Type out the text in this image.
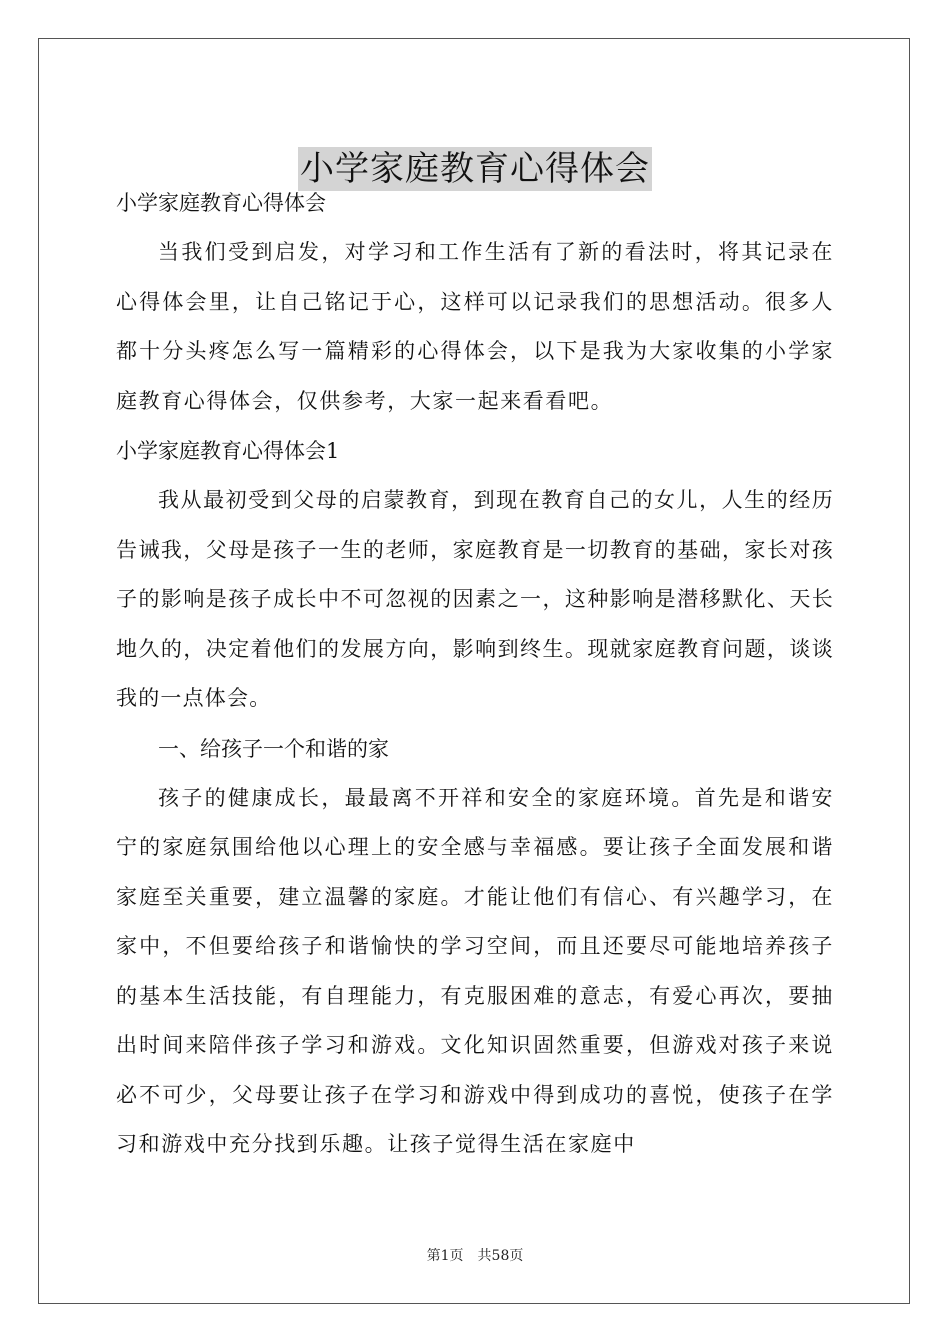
小学家庭教育心得体会

小学家庭教育心得体会

当我们受到启发，对学习和工作生活有了新的看法时，将其记录在心得体会里，让自己铭记于心，这样可以记录我们的思想活动。很多人都十分头疼怎么写一篇精彩的心得体会，以下是我为大家收集的小学家庭教育心得体会，仅供参考，大家一起来看看吧。

小学家庭教育心得体会1

我从最初受到父母的启蒙教育，到现在教育自己的女儿，人生的经历告诫我，父母是孩子一生的老师，家庭教育是一切教育的基础，家长对孩子的影响是孩子成长中不可忽视的因素之一，这种影响是潜移默化、天长地久的，决定着他们的发展方向，影响到终生。现就家庭教育问题，谈谈我的一点体会。

一、给孩子一个和谐的家

孩子的健康成长，最最离不开祥和安全的家庭环境。首先是和谐安宁的家庭氛围给他以心理上的安全感与幸福感。要让孩子全面发展和谐家庭至关重要，建立温馨的家庭。才能让他们有信心、有兴趣学习，在家中，不但要给孩子和谐愉快的学习空间，而且还要尽可能地培养孩子的基本生活技能，有自理能力，有克服困难的意志，有爱心再次，要抽出时间来陪伴孩子学习和游戏。文化知识固然重要，但游戏对孩子来说必不可少，父母要让孩子在学习和游戏中得到成功的喜悦，使孩子在学习和游戏中充分找到乐趣。让孩子觉得生活在家庭中

第1页 共58页
